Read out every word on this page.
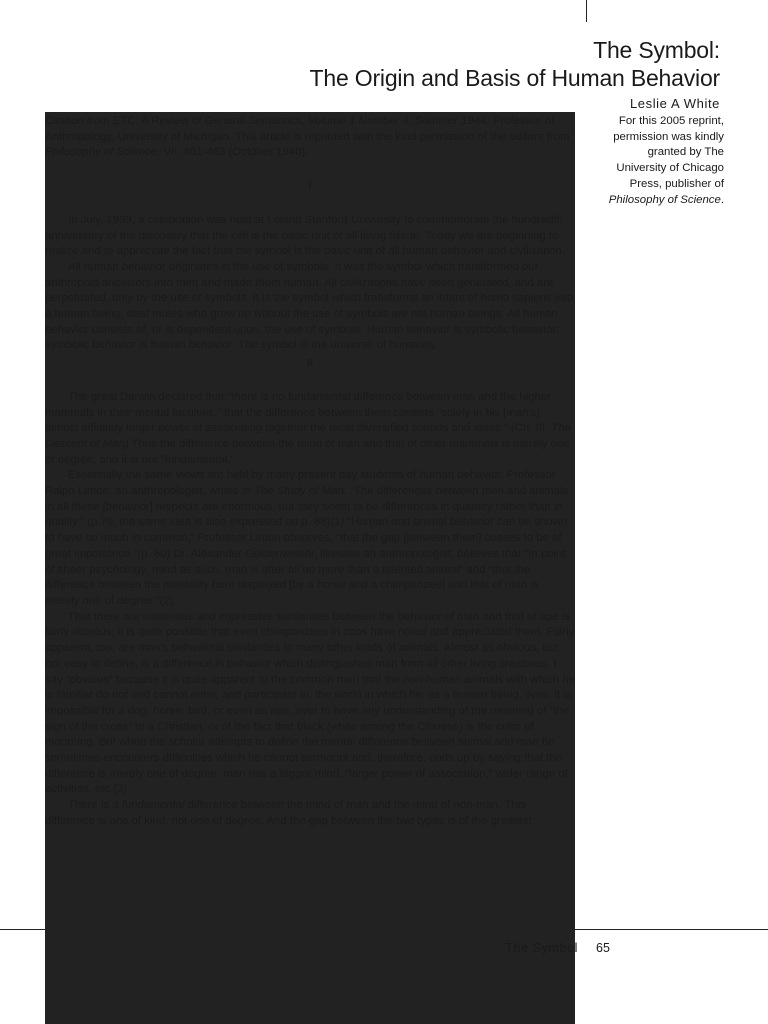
The Symbol:
The Origin and Basis of Human Behavior
Leslie A White
For this 2005 reprint, permission was kindly granted by The University of Chicago Press, publisher of Philosophy of Science.

Citation from ETC: A Review of General Semantics, Volume 1 Number 4, Summer 1944: Professor of Anthropology, University of Michigan. This article is reprinted with the kind permission of the editors from Philosophy of Science, VII, 451-463 (October 1940).

I

In July, 1939, a celebration was held at Leland Stanford University to commemorate the hundredth anniversary of the discovery that the cell is the basic unit of all living tissue. Today we are beginning to realize and to appreciate the fact that the symbol is the basic unit of all human behavior and civilization.

All human behavior originates in the use of symbols. It was the symbol which transformed our anthropoid ancestors into men and made them human. All civilizations have been generated, and are perpetuated, only by the use of symbols. It is the symbol which transforms an infant of homo sapiens into a human being; deaf mutes who grow up without the use of symbols are not human beings. All human behavior consists of, or is dependent upon, the use of symbols. Human behavior is symbolic behavior; symbolic behavior is human behavior. The symbol is the universe of humanity.

II

The great Darwin declared that “there is no fundamental difference between man and the higher mammals in their mental faculties,” that the difference between them consists “solely in his [man’s] almost infinitely larger power of associating together the most diversified sounds and ideas.” (Ch. III, The Descent of Man) Thus the difference between the mind of man and that of other mammals is merely one of degree, and it is not “fundamental.”

Essentially the same views are held by many present day students of human behavior. Professor Ralph Linton, an anthropologist, writes in The Study of Man: “The differences between men and animals in all these [behavior] respects are enormous, but they seem to be differences in quantity rather than in quality.” (p.79; the same idea is also expressed on p. 68)(1) “Human and animal behavior can be shown to have so much in common,” Professor Linton observes, “that the gap [between them] ceases to be of great importance.”(p. 60) Dr. Alexander Goldenweiser, likewise an anthropologist, believes that “In point of sheer psychology, mind as such, man is after all no more than a talented animal” and “that the difference between the mentality here displayed [by a horse and a chimpanzee] and that of man is merely one of degree.”(2)

That there are numerous and impressive similarities between the behavior of man and that of ape is fairly obvious; it is quite possible that even chimpanzees in zoos have noted and appreciated them. Fairly apparent, too, are man’s behavioral similarities to many other kinds of animals. Almost as obvious, but not easy to define, is a difference in behavior which distinguishes man from all other living creatures. I say “obvious” because it is quite apparent to the common man that the non-human animals with which he is familiar do not and cannot enter, and participate in, the world in which he, as a human being, lives. It is impossible for a dog, horse, bird, or even an ape, ever to have any understanding of the meaning of “the sign of the cross” to a Christian, or of the fact that black (white among the Chinese) is the color of mourning. But when the scholar attempts to define the mental difference between animal and man he sometimes encounters difficulties which he cannot surmount and, therefore, ends up by saying that the difference is merely one of degree: man has a bigger mind, “larger power of association,” wider range of activities, etc.(3)

There is a fundamental difference between the mind of man and the mind of non-man. This difference is one of kind, not one of degree. And the gap between the two types is of the greatest

The Symbol 65
